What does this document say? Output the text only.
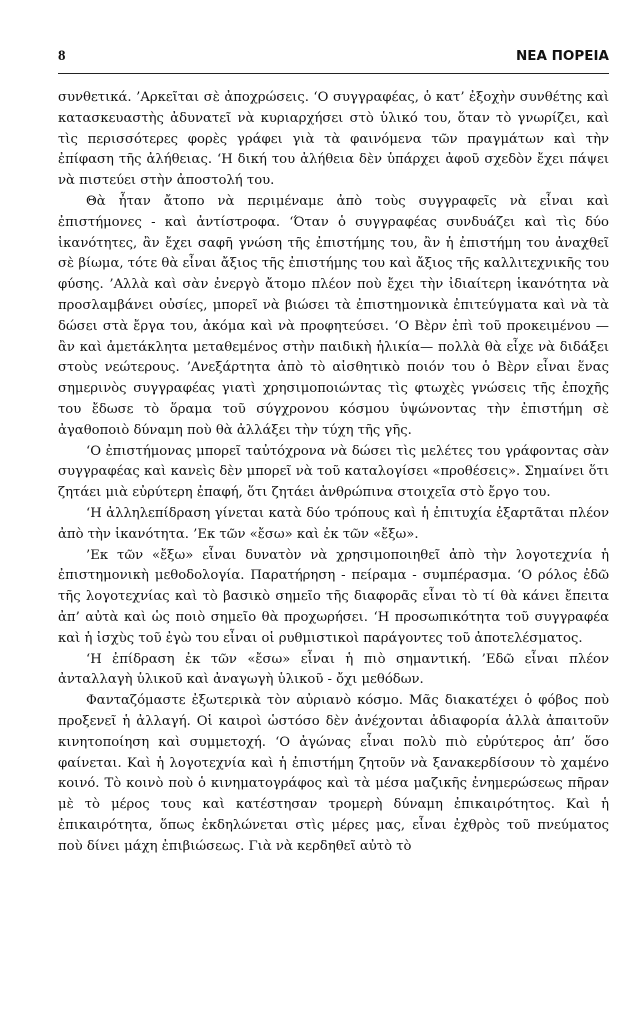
8	ΝΕΑ ΠΟΡΕΙΑ

συνθετικά. ’Αρκεῖται σὲ ἀποχρώσεις. ‘Ο συγγραφέας, ὁ κατ’ ἐξοχὴν συνθέτης καὶ κατασκευαστὴς ἀδυνατεῖ νὰ κυριαρχήσει στὸ ὑλικό του, ὅταν τὸ γνωρίζει, καὶ τὶς περισσότερες φορὲς γράφει γιὰ τὰ φαινόμενα τῶν πραγμάτων καὶ τὴν ἐπίφαση τῆς ἀλήθειας. ‘Η δική του ἀλήθεια δὲν ὑπάρχει ἀφοῦ σχεδὸν ἔχει πάψει νὰ πιστεύει στὴν ἀποστολή του.

Θὰ ἦταν ἄτοπο νὰ περιμέναμε ἀπὸ τοὺς συγγραφεῖς νὰ εἶναι καὶ ἐπιστήμονες - καὶ ἀντίστροφα. ‘Όταν ὁ συγγραφέας συνδυάζει καὶ τὶς δύο ἱκανότητες, ἂν ἔχει σαφῆ γνώση τῆς ἐπιστήμης του, ἂν ἡ ἐπιστήμη του ἀναχθεῖ σὲ βίωμα, τότε θὰ εἶναι ἄξιος τῆς ἐπιστήμης του καὶ ἄξιος τῆς καλλιτεχνικῆς του φύσης. ’Αλλὰ καὶ σὰν ἐνεργὸ ἄτομο πλέον ποὺ ἔχει τὴν ἰδιαίτερη ἱκανότητα νὰ προσλαμβάνει οὐσίες, μπορεῖ νὰ βιώσει τὰ ἐπιστημονικὰ ἐπιτεύγματα καὶ νὰ τὰ δώσει στὰ ἔργα του, ἀκόμα καὶ νὰ προφητεύσει. ‘Ο Βὲρν ἐπὶ τοῦ προκειμένου —ἂν καὶ ἀμετάκλητα μεταθεμένος στὴν παιδικὴ ἡλικία— πολλὰ θὰ εἶχε νὰ διδάξει στοὺς νεώτερους. ’Ανεξάρτητα ἀπὸ τὸ αἰσθητικὸ ποιόν του ὁ Βὲρν εἶναι ἕνας σημερινὸς συγγραφέας γιατὶ χρησιμοποιώντας τὶς φτωχὲς γνώσεις τῆς ἐποχῆς του ἔδωσε τὸ ὅραμα τοῦ σύγχρονου κόσμου ὑψώνοντας τὴν ἐπιστήμη σὲ ἀγαθοποιὸ δύναμη ποὺ θὰ ἀλλάξει τὴν τύχη τῆς γῆς.

‘Ο ἐπιστήμονας μπορεῖ ταὐτόχρονα νὰ δώσει τὶς μελέτες του γράφοντας σὰν συγγραφέας καὶ κανεὶς δὲν μπορεῖ νὰ τοῦ καταλογίσει «προθέσεις». Σημαίνει ὅτι ζητάει μιὰ εὐρύτερη ἐπαφή, ὅτι ζητάει ἀνθρώπινα στοιχεῖα στὸ ἔργο του.

‘Η ἀλληλεπίδραση γίνεται κατὰ δύο τρόπους καὶ ἡ ἐπιτυχία ἐξαρτᾶται πλέον ἀπὸ τὴν ἱκανότητα. ’Εκ τῶν «ἔσω» καὶ ἐκ τῶν «ἔξω».

’Εκ τῶν «ἔξω» εἶναι δυνατὸν νὰ χρησιμοποιηθεῖ ἀπὸ τὴν λογοτεχνία ἡ ἐπιστημονικὴ μεθοδολογία. Παρατήρηση - πείραμα - συμπέρασμα. ‘Ο ρόλος ἐδῶ τῆς λογοτεχνίας καὶ τὸ βασικὸ σημεῖο τῆς διαφορᾶς εἶναι τὸ τί θὰ κάνει ἔπειτα ἀπ’ αὐτὰ καὶ ὡς ποιὸ σημεῖο θὰ προχωρήσει. ‘Η προσωπικότητα τοῦ συγγραφέα καὶ ἡ ἰσχὺς τοῦ ἐγὼ του εἶναι οἱ ρυθμιστικοὶ παράγοντες τοῦ ἀποτελέσματος.

‘Η ἐπίδραση ἐκ τῶν «ἔσω» εἶναι ἡ πιὸ σημαντική. ’Εδῶ εἶναι πλέον ἀνταλλαγὴ ὑλικοῦ καὶ ἀναγωγὴ ὑλικοῦ - ὄχι μεθόδων.

Φανταζόμαστε ἐξωτερικὰ τὸν αὐριανὸ κόσμο. Μᾶς διακατέχει ὁ φόβος ποὺ προξενεῖ ἡ ἀλλαγή. Οἱ καιροὶ ὡστόσο δὲν ἀνέχονται ἀδιαφορία ἀλλὰ ἀπαιτοῦν κινητοποίηση καὶ συμμετοχή. ‘Ο ἀγώνας εἶναι πολὺ πιὸ εὐρύτερος ἀπ’ ὅσο φαίνεται. Καὶ ἡ λογοτεχνία καὶ ἡ ἐπιστήμη ζητοῦν νὰ ξανακερδίσουν τὸ χαμένο κοινό. Τὸ κοινὸ ποὺ ὁ κινηματογράφος καὶ τὰ μέσα μαζικῆς ἐνημερώσεως πῆραν μὲ τὸ μέρος τους καὶ κατέστησαν τρομερὴ δύναμη ἐπικαιρότητος. Καὶ ἡ ἐπικαιρότητα, ὅπως ἐκδηλώνεται στὶς μέρες μας, εἶναι ἐχθρὸς τοῦ πνεύματος ποὺ δίνει μάχη ἐπιβιώσεως. Γιὰ νὰ κερδηθεῖ αὐτὸ τὸ
